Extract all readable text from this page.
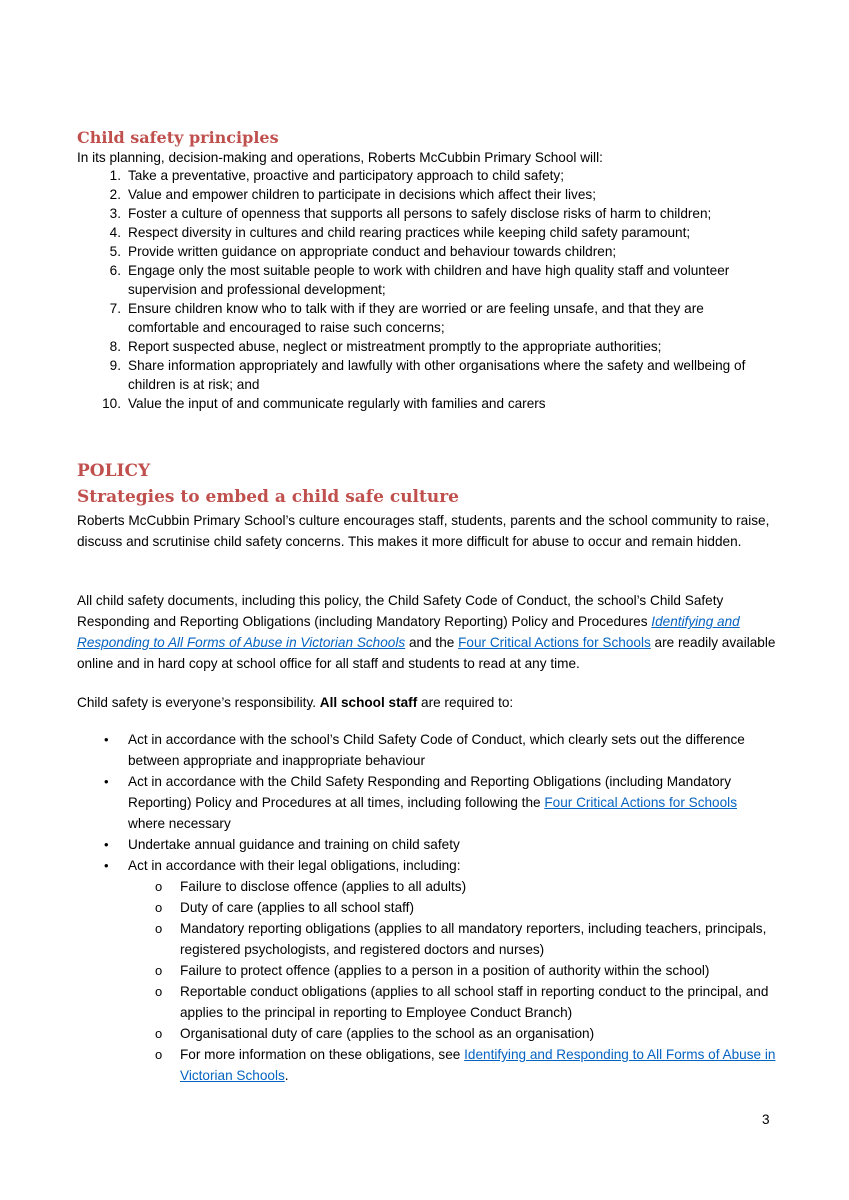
Child safety principles

In its planning, decision-making and operations, Roberts McCubbin Primary School will:

1. Take a preventative, proactive and participatory approach to child safety;
2. Value and empower children to participate in decisions which affect their lives;
3. Foster a culture of openness that supports all persons to safely disclose risks of harm to children;
4. Respect diversity in cultures and child rearing practices while keeping child safety paramount;
5. Provide written guidance on appropriate conduct and behaviour towards children;
6. Engage only the most suitable people to work with children and have high quality staff and volunteer supervision and professional development;
7. Ensure children know who to talk with if they are worried or are feeling unsafe, and that they are comfortable and encouraged to raise such concerns;
8. Report suspected abuse, neglect or mistreatment promptly to the appropriate authorities;
9. Share information appropriately and lawfully with other organisations where the safety and wellbeing of children is at risk; and
10. Value the input of and communicate regularly with families and carers
POLICY
Strategies to embed a child safe culture

Roberts McCubbin Primary School’s culture encourages staff, students, parents and the school community to raise, discuss and scrutinise child safety concerns. This makes it more difficult for abuse to occur and remain hidden.

All child safety documents, including this policy, the Child Safety Code of Conduct, the school’s Child Safety Responding and Reporting Obligations (including Mandatory Reporting) Policy and Procedures Identifying and Responding to All Forms of Abuse in Victorian Schools and the Four Critical Actions for Schools are readily available online and in hard copy at school office for all staff and students to read at any time.

Child safety is everyone’s responsibility. All school staff are required to:

• Act in accordance with the school’s Child Safety Code of Conduct, which clearly sets out the difference between appropriate and inappropriate behaviour
• Act in accordance with the Child Safety Responding and Reporting Obligations (including Mandatory Reporting) Policy and Procedures at all times, including following the Four Critical Actions for Schools where necessary
• Undertake annual guidance and training on child safety
• Act in accordance with their legal obligations, including:
o Failure to disclose offence (applies to all adults)
o Duty of care (applies to all school staff)
o Mandatory reporting obligations (applies to all mandatory reporters, including teachers, principals, registered psychologists, and registered doctors and nurses)
o Failure to protect offence (applies to a person in a position of authority within the school)
o Reportable conduct obligations (applies to all school staff in reporting conduct to the principal, and applies to the principal in reporting to Employee Conduct Branch)
o Organisational duty of care (applies to the school as an organisation)
o For more information on these obligations, see Identifying and Responding to All Forms of Abuse in Victorian Schools.
3
